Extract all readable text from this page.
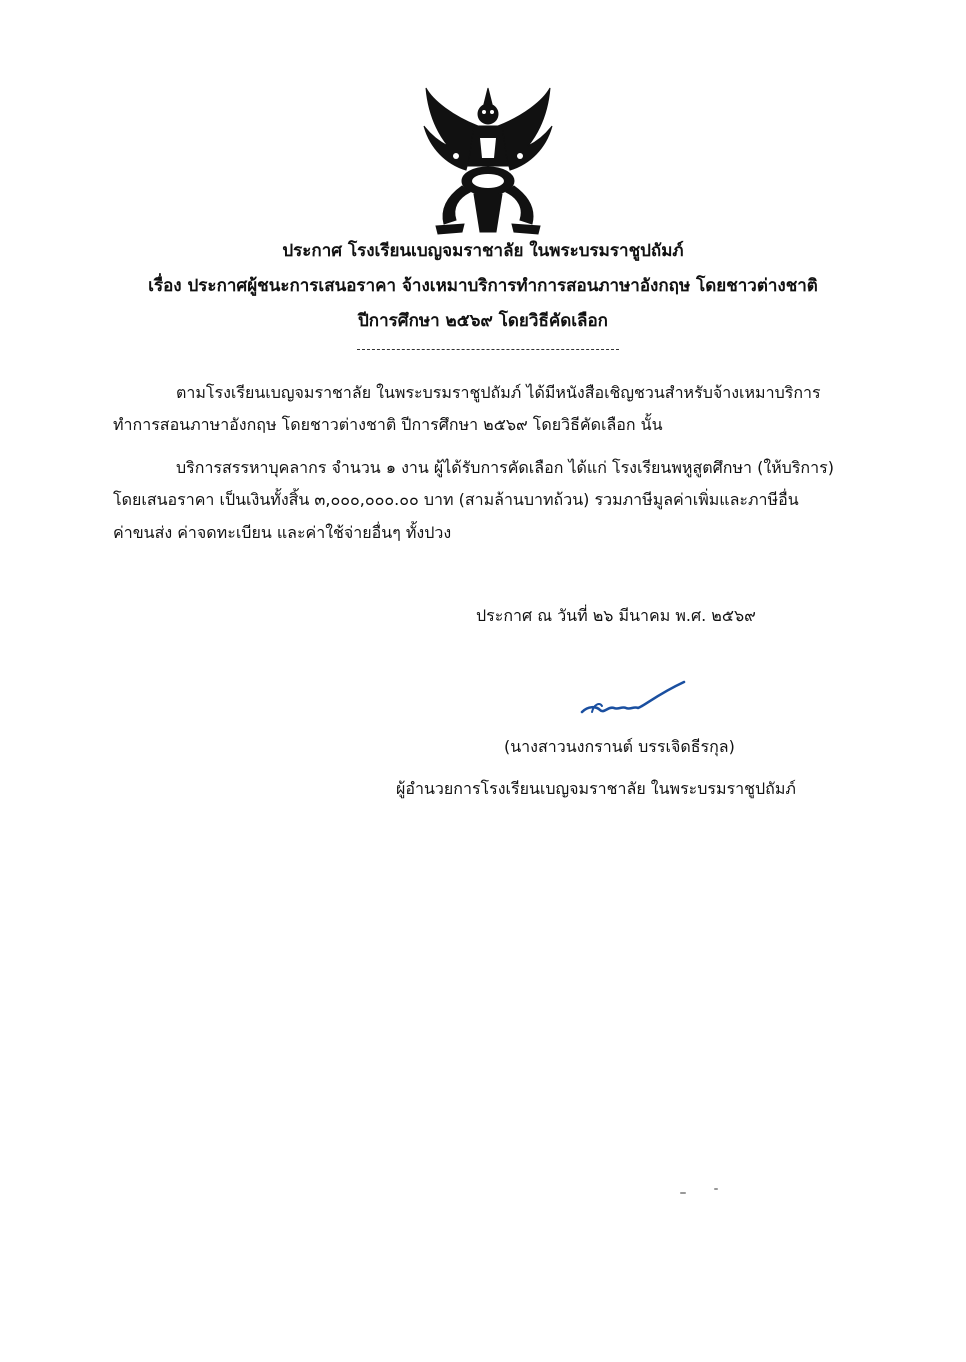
ประกาศ โรงเรียนเบญจมราชาลัย ในพระบรมราชูปถัมภ์
เรื่อง ประกาศผู้ชนะการเสนอราคา จ้างเหมาบริการทำการสอนภาษาอังกฤษ โดยชาวต่างชาติ
ปีการศึกษา ๒๕๖๙ โดยวิธีคัดเลือก
ตามโรงเรียนเบญจมราชาลัย ในพระบรมราชูปถัมภ์ ได้มีหนังสือเชิญชวนสำหรับจ้างเหมาบริการ
ทำการสอนภาษาอังกฤษ โดยชาวต่างชาติ ปีการศึกษา ๒๕๖๙ โดยวิธีคัดเลือก นั้น
บริการสรรหาบุคลากร จำนวน ๑ งาน ผู้ได้รับการคัดเลือก ได้แก่ โรงเรียนพหูสูตศึกษา (ให้บริการ)
โดยเสนอราคา เป็นเงินทั้งสิ้น ๓,๐๐๐,๐๐๐.๐๐ บาท (สามล้านบาทถ้วน) รวมภาษีมูลค่าเพิ่มและภาษีอื่น
ค่าขนส่ง ค่าจดทะเบียน และค่าใช้จ่ายอื่นๆ ทั้งปวง
ประกาศ ณ วันที่ ๒๖ มีนาคม พ.ศ. ๒๕๖๙
(นางสาวนงกรานต์ บรรเจิดธีรกุล)
ผู้อำนวยการโรงเรียนเบญจมราชาลัย ในพระบรมราชูปถัมภ์
